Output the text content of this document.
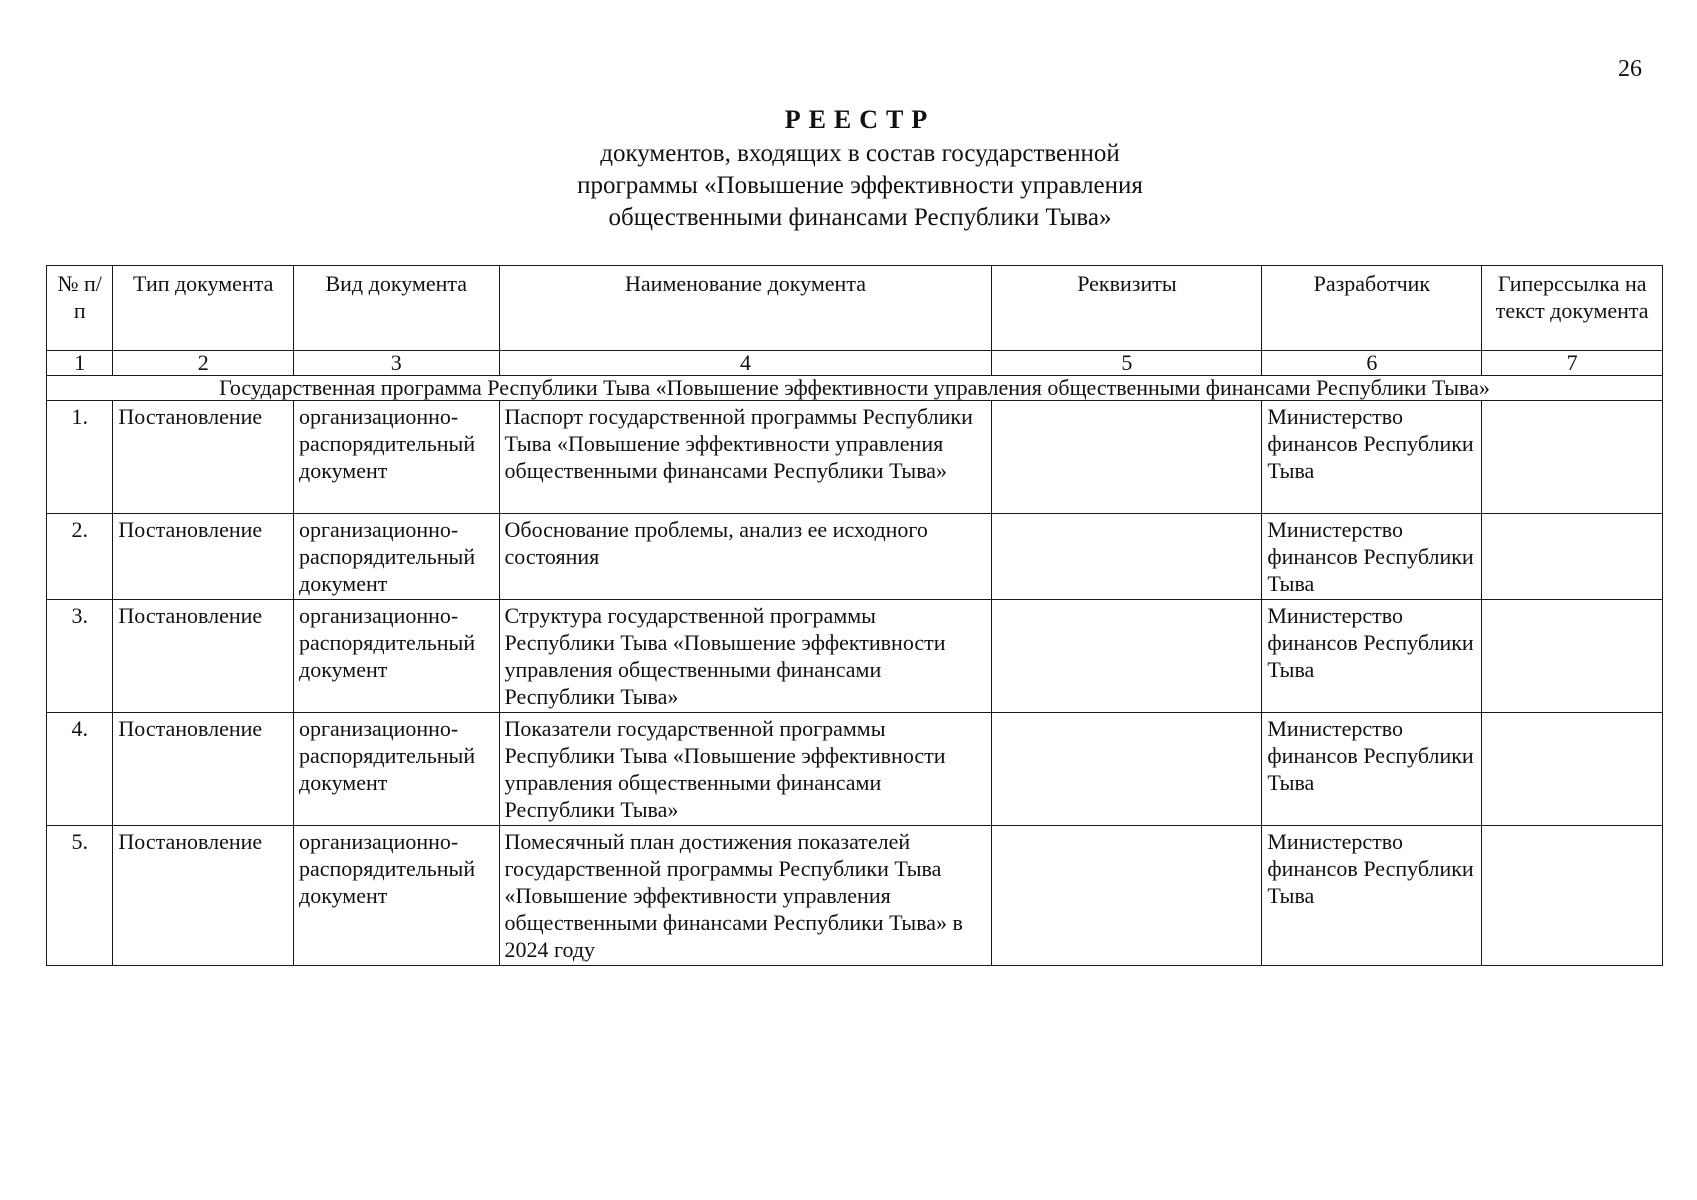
26
РЕЕСТР
документов, входящих в состав государственной
программы «Повышение эффективности управления
общественными финансами Республики Тыва»
№ п/п	Тип документа	Вид документа	Наименование документа	Реквизиты	Разработчик	Гиперссылка на текст документа
1	2	3	4	5	6	7
Государственная программа Республики Тыва «Повышение эффективности управления общественными финансами Республики Тыва»						
1.	Постановление	организационно-распорядительный документ	Паспорт государственной программы Республики Тыва «Повышение эффективности управления общественными финансами Республики Тыва»		Министерство финансов Республики Тыва	
2.	Постановление	организационно-распорядительный документ	Обоснование проблемы, анализ ее исходного состояния		Министерство финансов Республики Тыва	
3.	Постановление	организационно-распорядительный документ	Структура государственной программы Республики Тыва «Повышение эффективности управления общественными финансами Республики Тыва»		Министерство финансов Республики Тыва	
4.	Постановление	организационно-распорядительный документ	Показатели государственной программы Республики Тыва «Повышение эффективности управления общественными финансами Республики Тыва»		Министерство финансов Республики Тыва	
5.	Постановление	организационно-распорядительный документ	Помесячный план достижения показателей государственной программы Республики Тыва «Повышение эффективности управления общественными финансами Республики Тыва» в 2024 году		Министерство финансов Республики Тыва	
